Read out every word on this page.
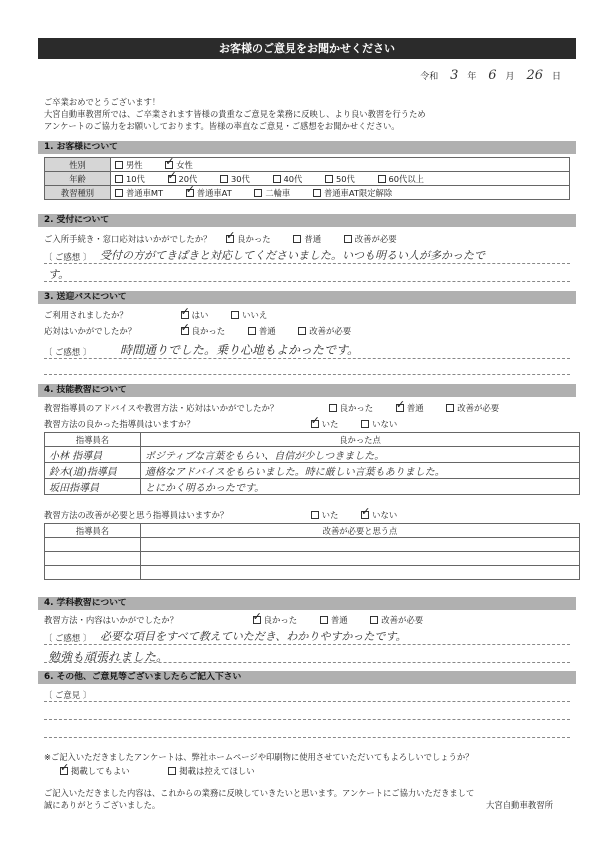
お客様のご意見をお聞かせください
令和 3 年 6 月 26 日
ご卒業おめでとうございます！
大宮自動車教習所では、ご卒業されます皆様の貴重なご意見を業務に反映し、より良い教習を行うため
アンケートのご協力をお願いしております。皆様の率直なご意見・ご感想をお聞かせください。
1. お客様について
性別	男性 ✓ 女性
年齢	10代 ✓ 20代 30代 40代 50代 60代以上
教習種別	普通車MT ✓ 普通車AT 二輪車 普通車AT限定解除
2. 受付について
ご入所手続き・窓口応対はいかがでしたか？ ✓	良かった	普通	改善が必要
〔 ご感想 〕 受付の方がてきぱきと対応してくださいました。いつも明るい人が多かったで
す。
3. 送迎バスについて
ご利用されましたか？ ✓	はい	いいえ
応対はいかがでしたか？ ✓	良かった	普通	改善が必要
〔 ご感想 〕 時間通りでした。乗り心地もよかったです。
4. 技能教習について
教習指導員のアドバイスや教習方法・応対はいかがでしたか？	良かった ✓	普通	改善が必要
教習方法の良かった指導員はいますか？ ✓	いた	いない
指導員名	良かった点
小林 指導員	ポジティブな言葉をもらい、自信が少しつきました。
鈴木(道)指導員	適格なアドバイスをもらいました。時に厳しい言葉もありました。
坂田指導員	とにかく明るかったです。
教習方法の改善が必要と思う指導員はいますか？	いた ✓	いない
指導員名	改善が必要と思う点

4. 学科教習について
教習方法・内容はいかがでしたか？ ✓	良かった	普通	改善が必要
〔 ご感想 〕 必要な項目をすべて教えていただき、わかりやすかったです。
勉強も頑張れました。
6. その他、ご意見等ございましたらご記入下さい
〔 ご意見 〕
※ご記入いただきましたアンケートは、弊社ホームページや印刷物に使用させていただいてもよろしいでしょうか？
✓掲載してもよい	掲載は控えてほしい
ご記入いただきました内容は、これからの業務に反映していきたいと思います。アンケートにご協力いただきまして
誠にありがとうございました。	大宮自動車教習所
